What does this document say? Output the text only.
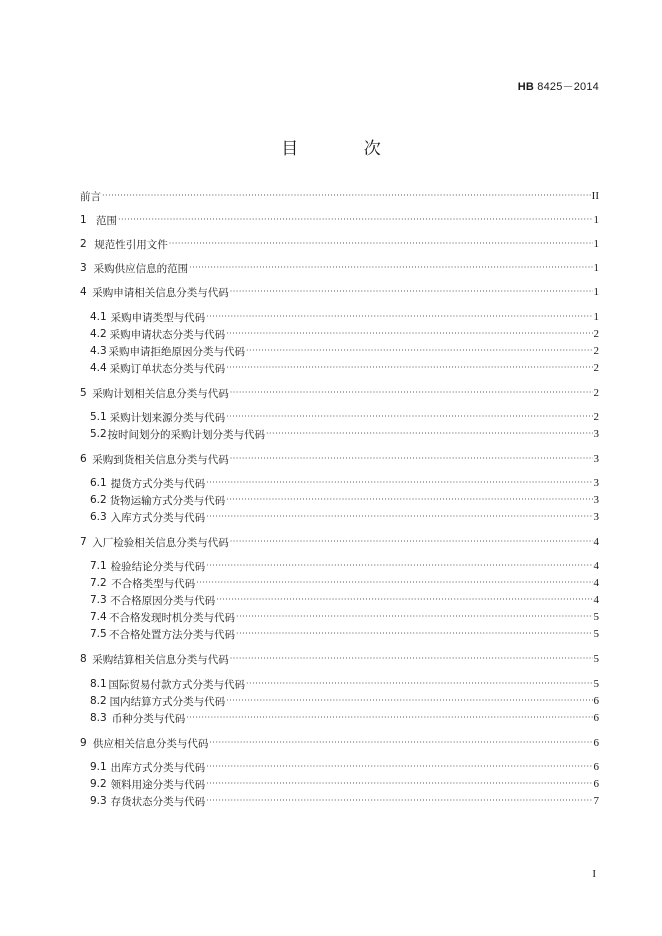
HB 8425－2014
目 次
前言 ·····	II
1 范围 ·····	1
2 规范性引用文件 ·····	1
3 采购供应信息的范围 ·····	1
4 采购申请相关信息分类与代码 ·····	1
4.1 采购申请类型与代码 ·····	1
4.2 采购申请状态分类与代码 ·····	2
4.3 采购申请拒绝原因分类与代码 ·····	2
4.4 采购订单状态分类与代码 ·····	2
5 采购计划相关信息分类与代码 ·····	2
5.1 采购计划来源分类与代码 ·····	2
5.2 按时间划分的采购计划分类与代码 ·····	3
6 采购到货相关信息分类与代码 ·····	3
6.1 提货方式分类与代码 ·····	3
6.2 货物运输方式分类与代码 ·····	3
6.3 入库方式分类与代码 ·····	3
7 入厂检验相关信息分类与代码 ·····	4
7.1 检验结论分类与代码 ·····	4
7.2 不合格类型与代码 ·····	4
7.3 不合格原因分类与代码 ·····	4
7.4 不合格发现时机分类与代码 ·····	5
7.5 不合格处置方法分类与代码 ·····	5
8 采购结算相关信息分类与代码 ·····	5
8.1 国际贸易付款方式分类与代码 ·····	5
8.2 国内结算方式分类与代码 ·····	6
8.3 币种分类与代码 ·····	6
9 供应相关信息分类与代码 ·····	6
9.1 出库方式分类与代码 ·····	6
9.2 领料用途分类与代码 ·····	6
9.3 存货状态分类与代码 ·····	7
I
